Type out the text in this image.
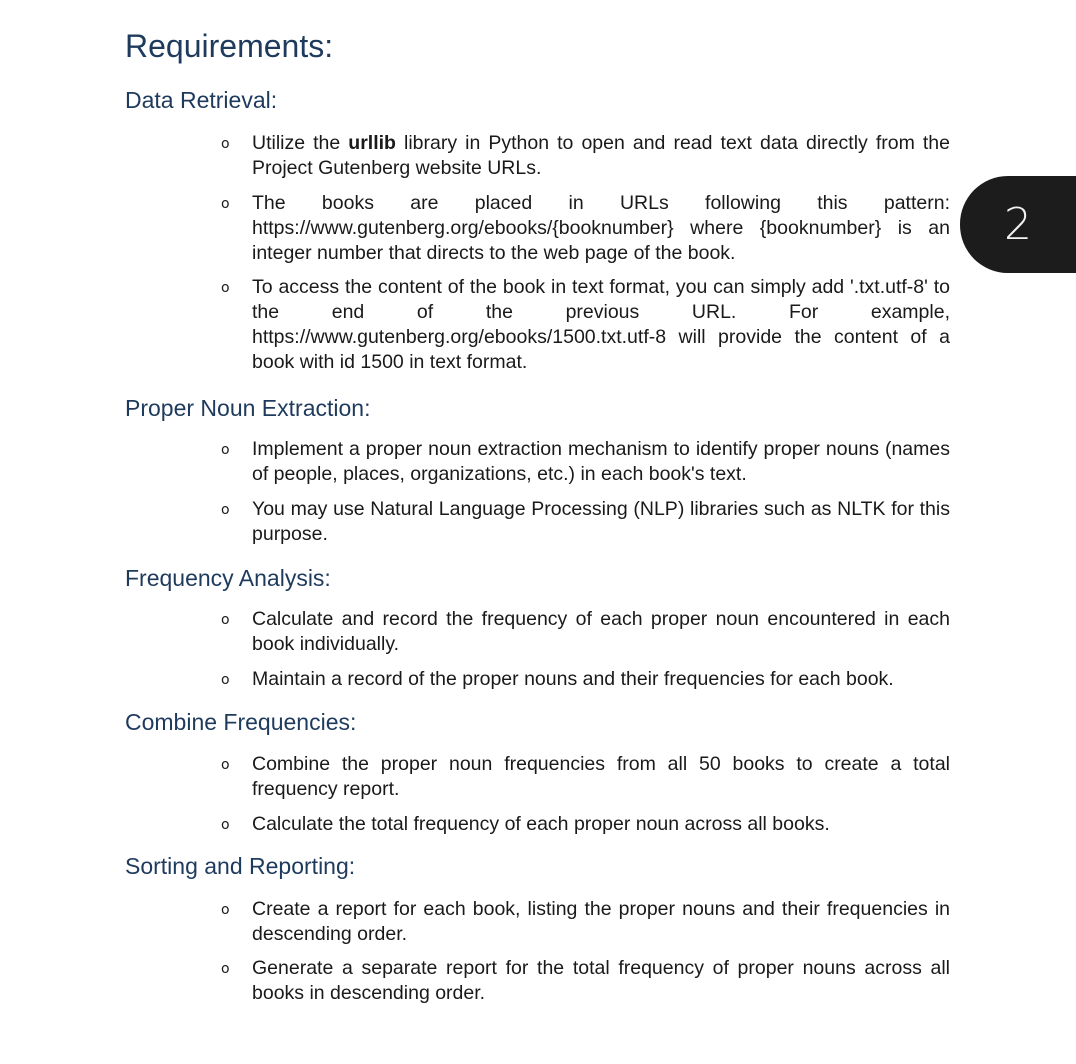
Requirements:
Data Retrieval:
o Utilize the urllib library in Python to open and read text data directly from the Project Gutenberg website URLs.
o The books are placed in URLs following this pattern: https://www.gutenberg.org/ebooks/{booknumber} where {booknumber} is an integer number that directs to the web page of the book.
o To access the content of the book in text format, you can simply add '.txt.utf-8' to the end of the previous URL. For example, https://www.gutenberg.org/ebooks/1500.txt.utf-8 will provide the content of a book with id 1500 in text format.
Proper Noun Extraction:
o Implement a proper noun extraction mechanism to identify proper nouns (names of people, places, organizations, etc.) in each book's text.
o You may use Natural Language Processing (NLP) libraries such as NLTK for this purpose.
Frequency Analysis:
o Calculate and record the frequency of each proper noun encountered in each book individually.
o Maintain a record of the proper nouns and their frequencies for each book.
Combine Frequencies:
o Combine the proper noun frequencies from all 50 books to create a total frequency report.
o Calculate the total frequency of each proper noun across all books.
Sorting and Reporting:
o Create a report for each book, listing the proper nouns and their frequencies in descending order.
o Generate a separate report for the total frequency of proper nouns across all books in descending order.
2
